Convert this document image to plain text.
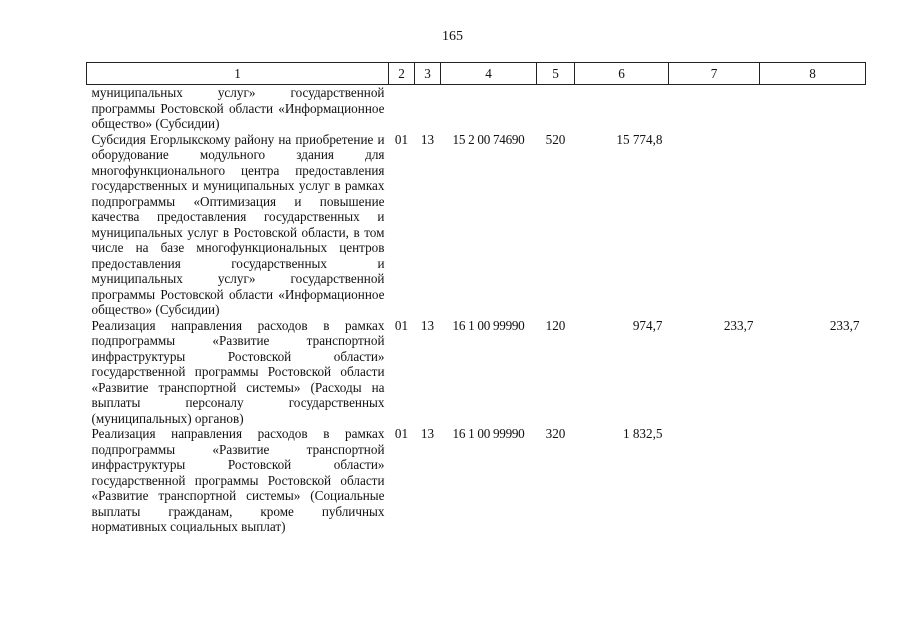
165
1	2	3	4	5	6	7	8
муниципальных услуг» государственной программы Ростовской области «Информационное общество» (Субсидии)							
Субсидия Егорлыкскому району на приобретение и оборудование модульного здания для многофункционального центра предоставления государственных и муниципальных услуг в рамках подпрограммы «Оптимизация и повышение качества предоставления государственных и муниципальных услуг в Ростовской области, в том числе на базе многофункциональных центров предоставления государственных и муниципальных услуг» государственной программы Ростовской области «Информационное общество» (Субсидии)	01	13	15 2 00 74690	520	15 774,8		
Реализация направления расходов в рамках подпрограммы «Развитие транспортной инфраструктуры Ростовской области» государственной программы Ростовской области «Развитие транспортной системы» (Расходы на выплаты персоналу государственных (муниципальных) органов)	01	13	16 1 00 99990	120	974,7	233,7	233,7
Реализация направления расходов в рамках подпрограммы «Развитие транспортной инфраструктуры Ростовской области» государственной программы Ростовской области «Развитие транспортной системы» (Социальные выплаты гражданам, кроме публичных нормативных социальных выплат)	01	13	16 1 00 99990	320	1 832,5		
